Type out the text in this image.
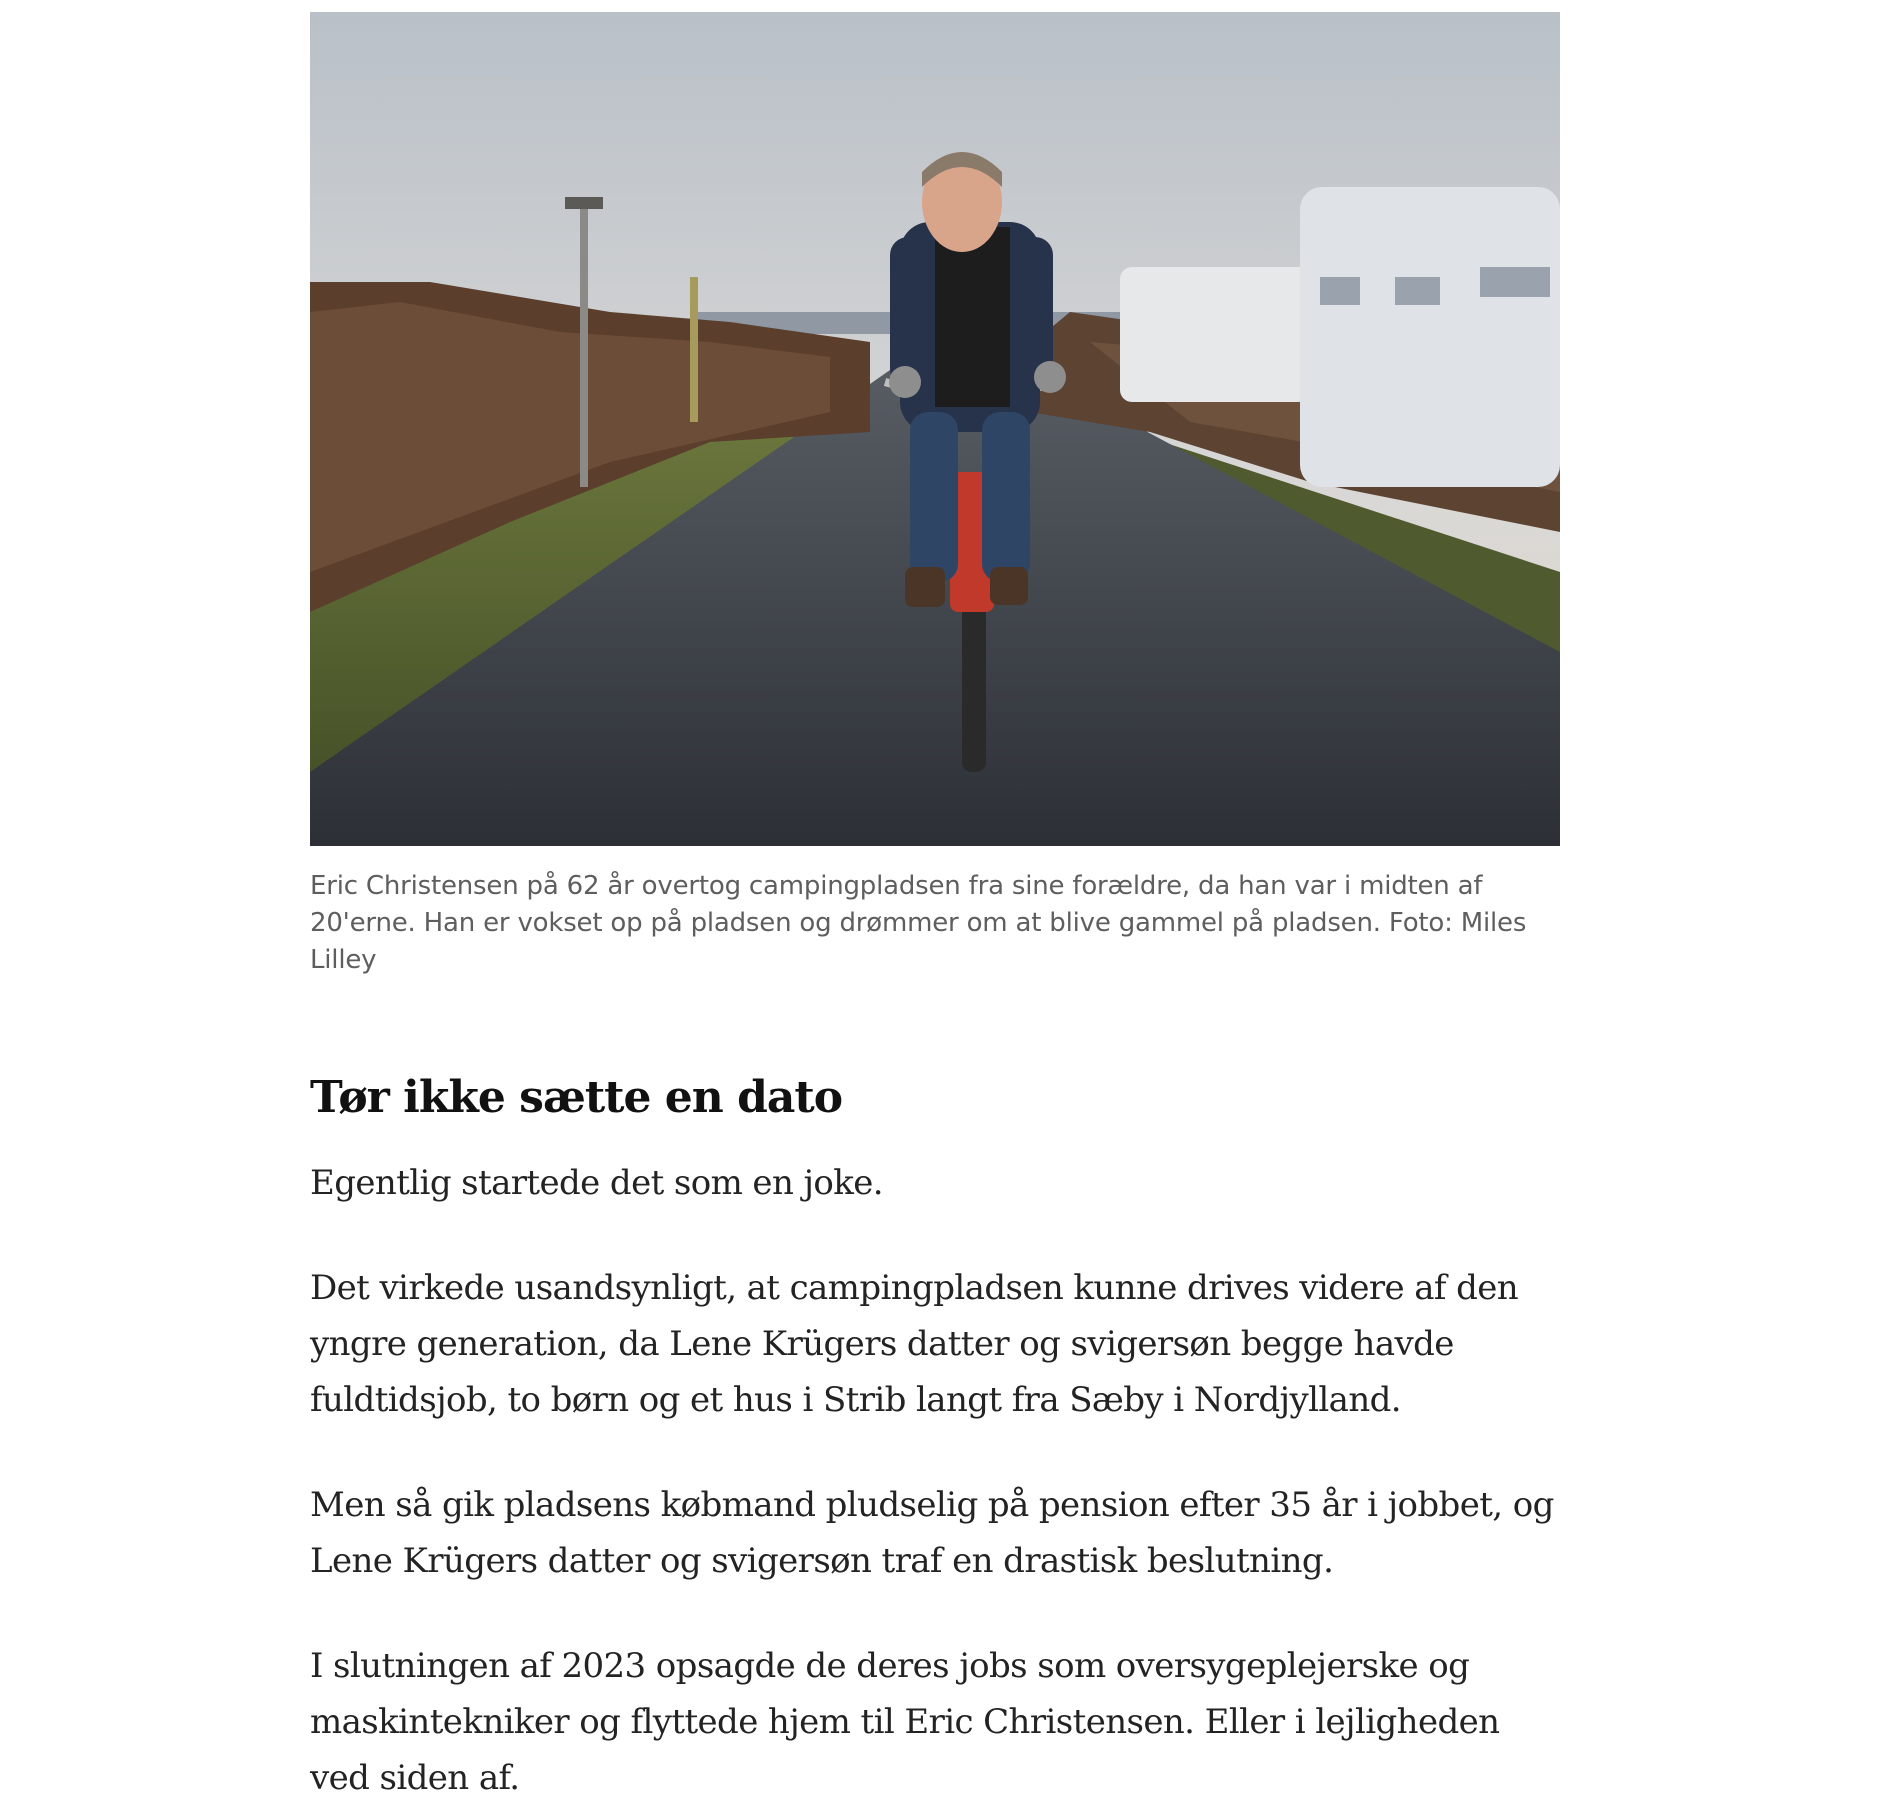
Eric Christensen på 62 år overtog campingpladsen fra sine forældre, da han var i midten af 20'erne. Han er vokset op på pladsen og drømmer om at blive gammel på pladsen. Foto: Miles Lilley
Tør ikke sætte en dato

Egentlig startede det som en joke.

Det virkede usandsynligt, at campingpladsen kunne drives videre af den yngre generation, da Lene Krügers datter og svigersøn begge havde fuldtidsjob, to børn og et hus i Strib langt fra Sæby i Nordjylland.

Men så gik pladsens købmand pludselig på pension efter 35 år i jobbet, og Lene Krügers datter og svigersøn traf en drastisk beslutning.

I slutningen af 2023 opsagde de deres jobs som oversygeplejerske og maskintekniker og flyttede hjem til Eric Christensen. Eller i lejligheden ved siden af.
